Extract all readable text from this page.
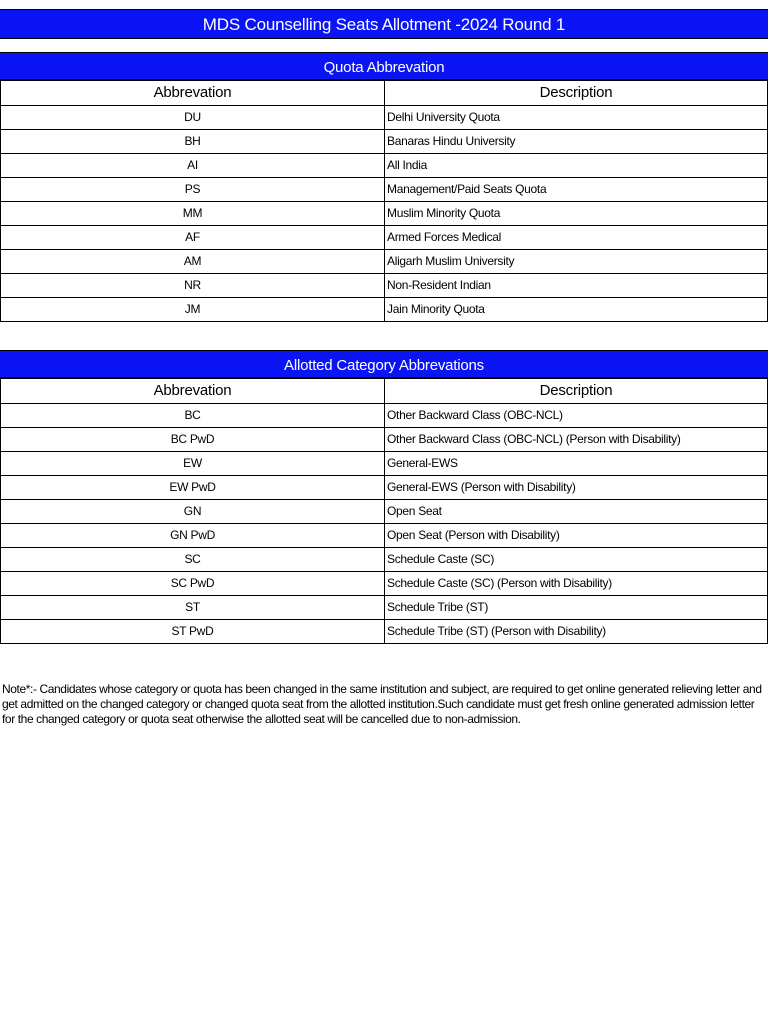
MDS Counselling Seats Allotment -2024 Round 1
Quota Abbrevation
Abbrevation	Description
DU	Delhi University Quota
BH	Banaras Hindu University
AI	All India
PS	Management/Paid Seats Quota
MM	Muslim Minority Quota
AF	Armed Forces Medical
AM	Aligarh Muslim University
NR	Non-Resident Indian
JM	Jain Minority Quota
Allotted Category Abbrevations
Abbrevation	Description
BC	Other Backward Class (OBC-NCL)
BC PwD	Other Backward Class (OBC-NCL) (Person with Disability)
EW	General-EWS
EW PwD	General-EWS (Person with Disability)
GN	Open Seat
GN PwD	Open Seat (Person with Disability)
SC	Schedule Caste (SC)
SC PwD	Schedule Caste (SC) (Person with Disability)
ST	Schedule Tribe (ST)
ST PwD	Schedule Tribe (ST) (Person with Disability)
Note*:- Candidates whose category or quota has been changed in the same institution and subject, are required to get online generated relieving letter and get admitted on the changed category or changed quota seat from the allotted institution.Such candidate must get fresh online generated admission letter for the changed category or quota seat otherwise the allotted seat will be cancelled due to non-admission.
